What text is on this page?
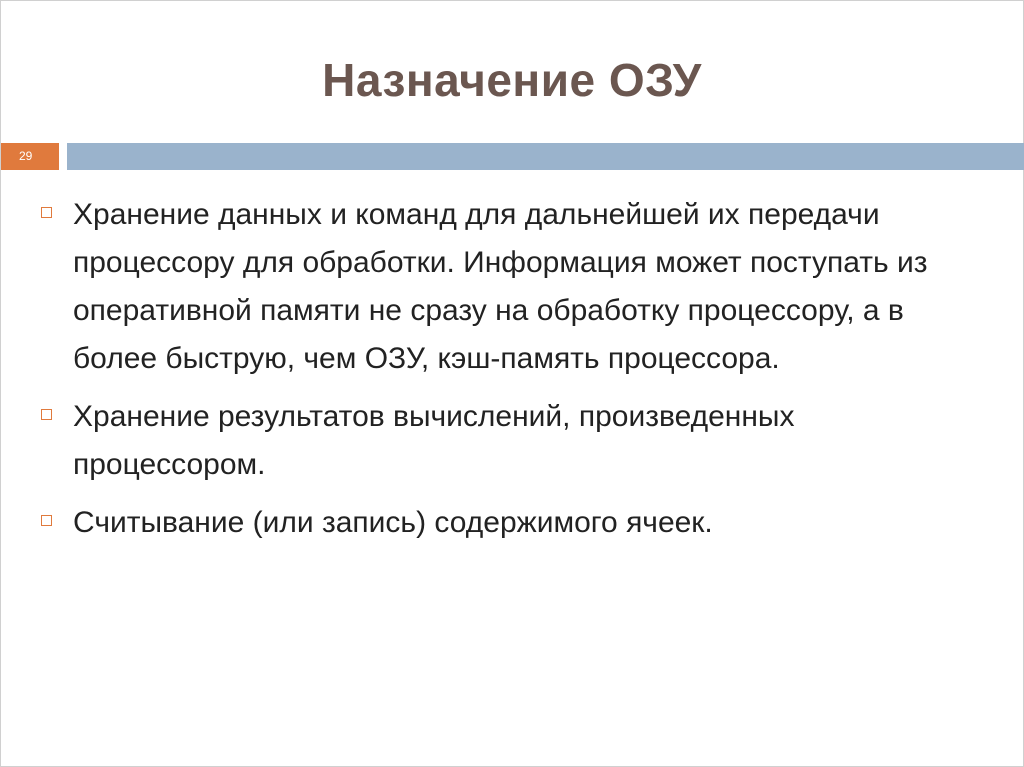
Назначение ОЗУ
29
Хранение данных и команд для дальнейшей их передачи процессору для обработки. Информация может поступать из оперативной памяти не сразу на обработку процессору, а в более быструю, чем ОЗУ, кэш-память процессора.
Хранение результатов вычислений, произведенных процессором.
Считывание (или запись) содержимого ячеек.
